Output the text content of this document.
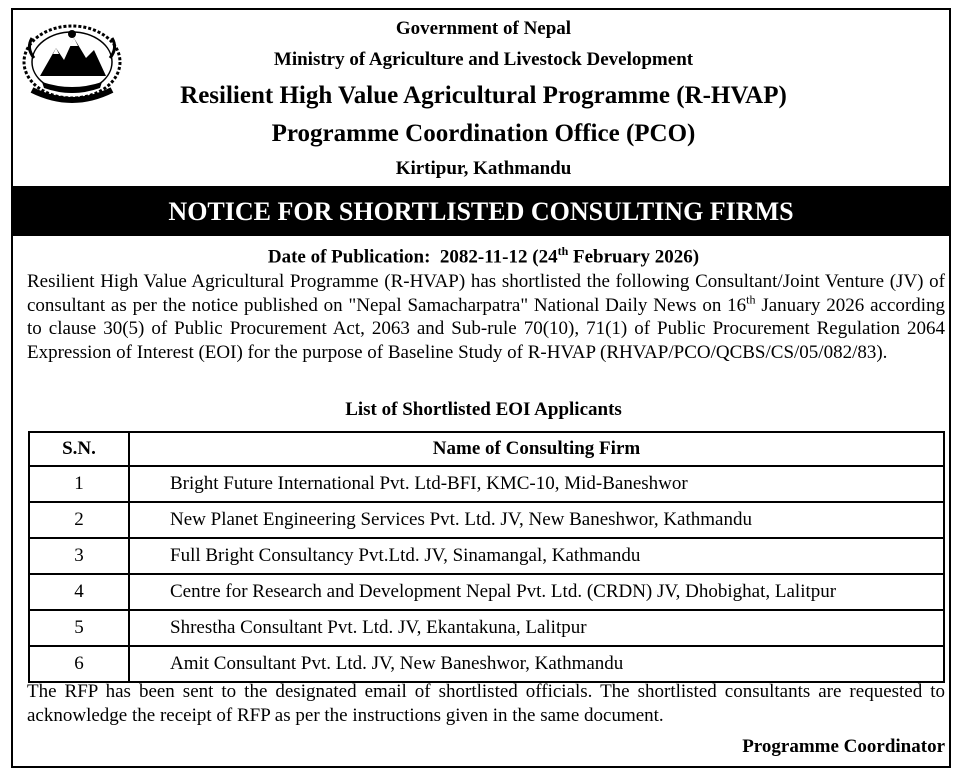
Government of Nepal
Ministry of Agriculture and Livestock Development
Resilient High Value Agricultural Programme (R-HVAP)
Programme Coordination Office (PCO)
Kirtipur, Kathmandu
NOTICE FOR SHORTLISTED CONSULTING FIRMS
Date of Publication: 2082-11-12 (24th February 2026)
Resilient High Value Agricultural Programme (R-HVAP) has shortlisted the following Consultant/Joint Venture (JV) of consultant as per the notice published on "Nepal Samacharpatra" National Daily News on 16th January 2026 according to clause 30(5) of Public Procurement Act, 2063 and Sub-rule 70(10), 71(1) of Public Procurement Regulation 2064 Expression of Interest (EOI) for the purpose of Baseline Study of R-HVAP (RHVAP/PCO/QCBS/CS/05/082/83).
List of Shortlisted EOI Applicants
S.N.	Name of Consulting Firm
1	Bright Future International Pvt. Ltd-BFI, KMC-10, Mid-Baneshwor
2	New Planet Engineering Services Pvt. Ltd. JV, New Baneshwor, Kathmandu
3	Full Bright Consultancy Pvt.Ltd. JV, Sinamangal, Kathmandu
4	Centre for Research and Development Nepal Pvt. Ltd. (CRDN) JV, Dhobighat, Lalitpur
5	Shrestha Consultant Pvt. Ltd. JV, Ekantakuna, Lalitpur
6	Amit Consultant Pvt. Ltd. JV, New Baneshwor, Kathmandu
The RFP has been sent to the designated email of shortlisted officials. The shortlisted consultants are requested to acknowledge the receipt of RFP as per the instructions given in the same document.
Programme Coordinator
